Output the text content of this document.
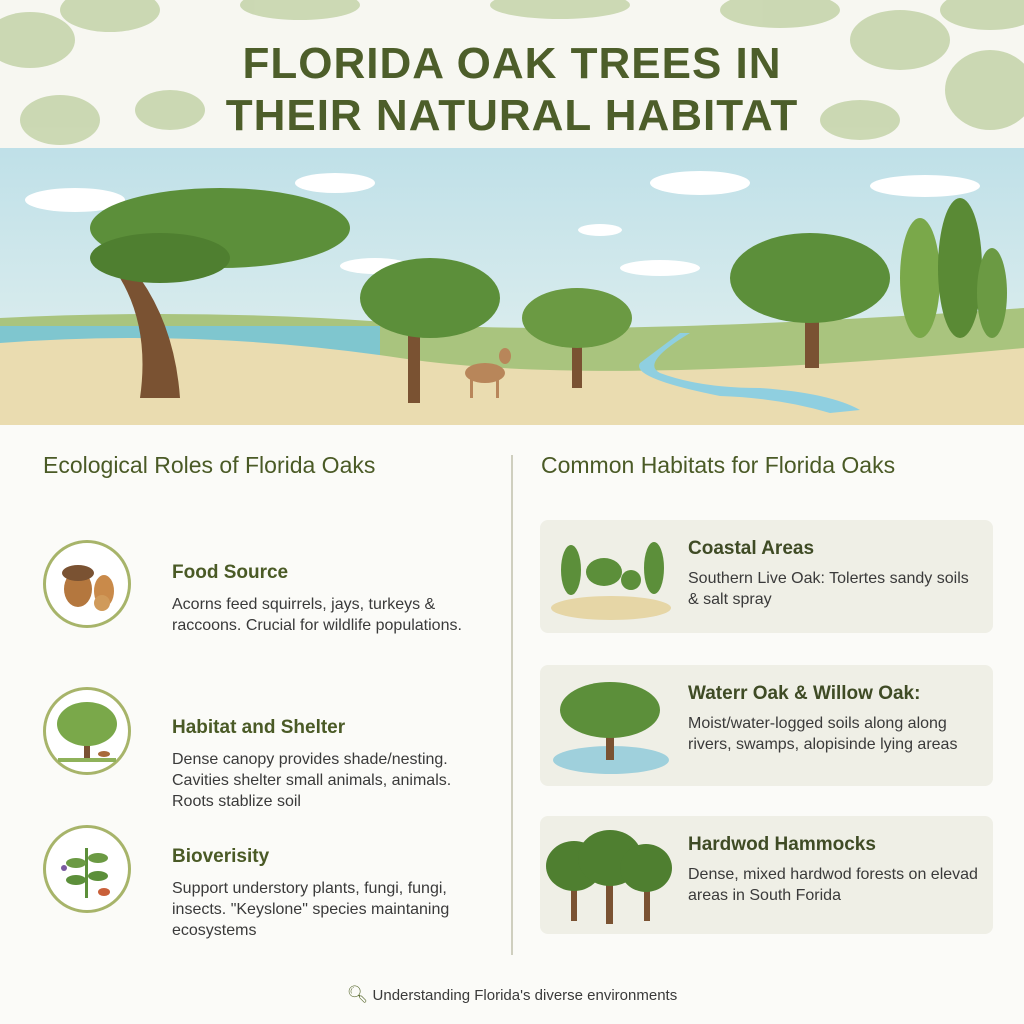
FLORIDA OAK TREES IN
THEIR NATURAL HABITAT
Ecological Roles of Florida Oaks	Common Habitats for Florida Oaks
Food Source

Acorns feed squirrels, jays, turkeys & raccoons. Crucial for wildlife populations.

Habitat and Shelter

Dense canopy provides shade/nesting. Cavities shelter small animals, animals. Roots stablize soil

Bioverisity

Support understory plants, fungi, fungi, insects. "Keyslone" species maintaning ecosystems

Coastal Areas

Southern Live Oak: Tolertes sandy soils & salt spray

Waterr Oak & Willow Oak:

Moist/water-logged soils along along rivers, swamps, alopisinde lying areas

Hardwod Hammocks

Dense, mixed hardwod forests on elevad areas in South Forida

🔍︎ Understanding Florida's diverse environments
